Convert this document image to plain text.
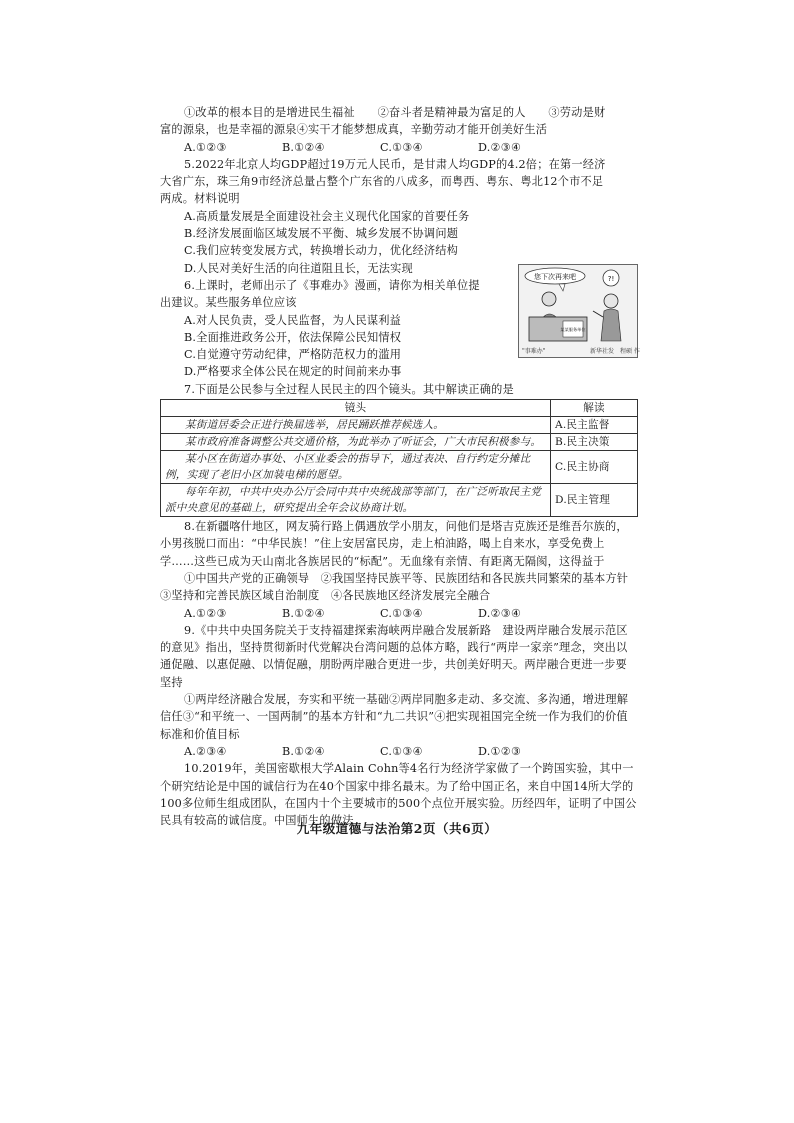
①改革的根本目的是增进民生福祉　　②奋斗者是精神最为富足的人　　③劳动是财

富的源泉，也是幸福的源泉④实干才能梦想成真，辛勤劳动才能开创美好生活

A.①②③	B.①②④	C.①③④	D.②③④

5.2022年北京人均GDP超过19万元人民币，是甘肃人均GDP的4.2倍；在第一经济

大省广东，珠三角9市经济总量占整个广东省的八成多，而粤西、粤东、粤北12个市不足

两成。材料说明

A.高质量发展是全面建设社会主义现代化国家的首要任务

B.经济发展面临区域发展不平衡、城乡发展不协调问题

C.我们应转变发展方式，转换增长动力，优化经济结构

D.人民对美好生活的向往道阻且长，无法实现

6.上课时，老师出示了《事难办》漫画，请你为相关单位提

出建议。某些服务单位应该

A.对人民负责，受人民监督，为人民谋利益

B.全面推进政务公开，依法保障公民知情权

C.自觉遵守劳动纪律，严格防范权力的滥用

D.严格要求全体公民在规定的时间前来办事

7.下面是公民参与全过程人民民主的四个镜头。其中解读正确的是

镜头	解读
某街道居委会正进行换届选举，居民踊跃推荐候选人。	A.民主监督
某市政府准备调整公共交通价格，为此举办了听证会，广大市民积极参与。	B.民主决策
某小区在街道办事处、小区业委会的指导下，通过表决、自行约定分摊比例，实现了老旧小区加装电梯的愿望。	C.民主协商
每年年初，中共中央办公厅会同中共中央统战部等部门，在广泛听取民主党派中央意见的基础上，研究提出全年会议协商计划。	D.民主管理

8.在新疆喀什地区，网友骑行路上偶遇放学小朋友，问他们是塔吉克族还是维吾尔族的，小男孩脱口而出：“中华民族！”住上安居富民房，走上柏油路，喝上自来水，享受免费上学……这些已成为天山南北各族居民的“标配”。无血缘有亲情、有距离无隔阂，这得益于

①中国共产党的正确领导　②我国坚持民族平等、民族团结和各民族共同繁荣的基本方针　③坚持和完善民族区域自治制度　④各民族地区经济发展完全融合

A.①②③	B.①②④	C.①③④	D.②③④

9.《中共中央国务院关于支持福建探索海峡两岸融合发展新路　建设两岸融合发展示范区的意见》指出，坚持贯彻新时代党解决台湾问题的总体方略，践行“两岸一家亲”理念，突出以通促融、以惠促融、以情促融，朋盼两岸融合更进一步，共创美好明天。两岸融合更进一步要坚持

①两岸经济融合发展，夯实和平统一基础②两岸同胞多走动、多交流、多沟通，增进理解信任③“和平统一、一国两制”的基本方针和“九二共识”④把实现祖国完全统一作为我们的价值标准和价值目标

A.②③④	B.①②④	C.①③④	D.①②③

10.2019年，美国密歇根大学Alain Cohn等4名行为经济学家做了一个跨国实验，其中一个研究结论是中国的诚信行为在40个国家中排名最末。为了给中国正名，来自中国14所大学的100多位师生组成团队，在国内十个主要城市的500个点位开展实验。历经四年，证明了中国公民具有较高的诚信度。中国师生的做法

您下次再来吧	?!
某某服务单位
"事难办"	新华社发　程硕 作
九年级道德与法治第2页（共6页）
